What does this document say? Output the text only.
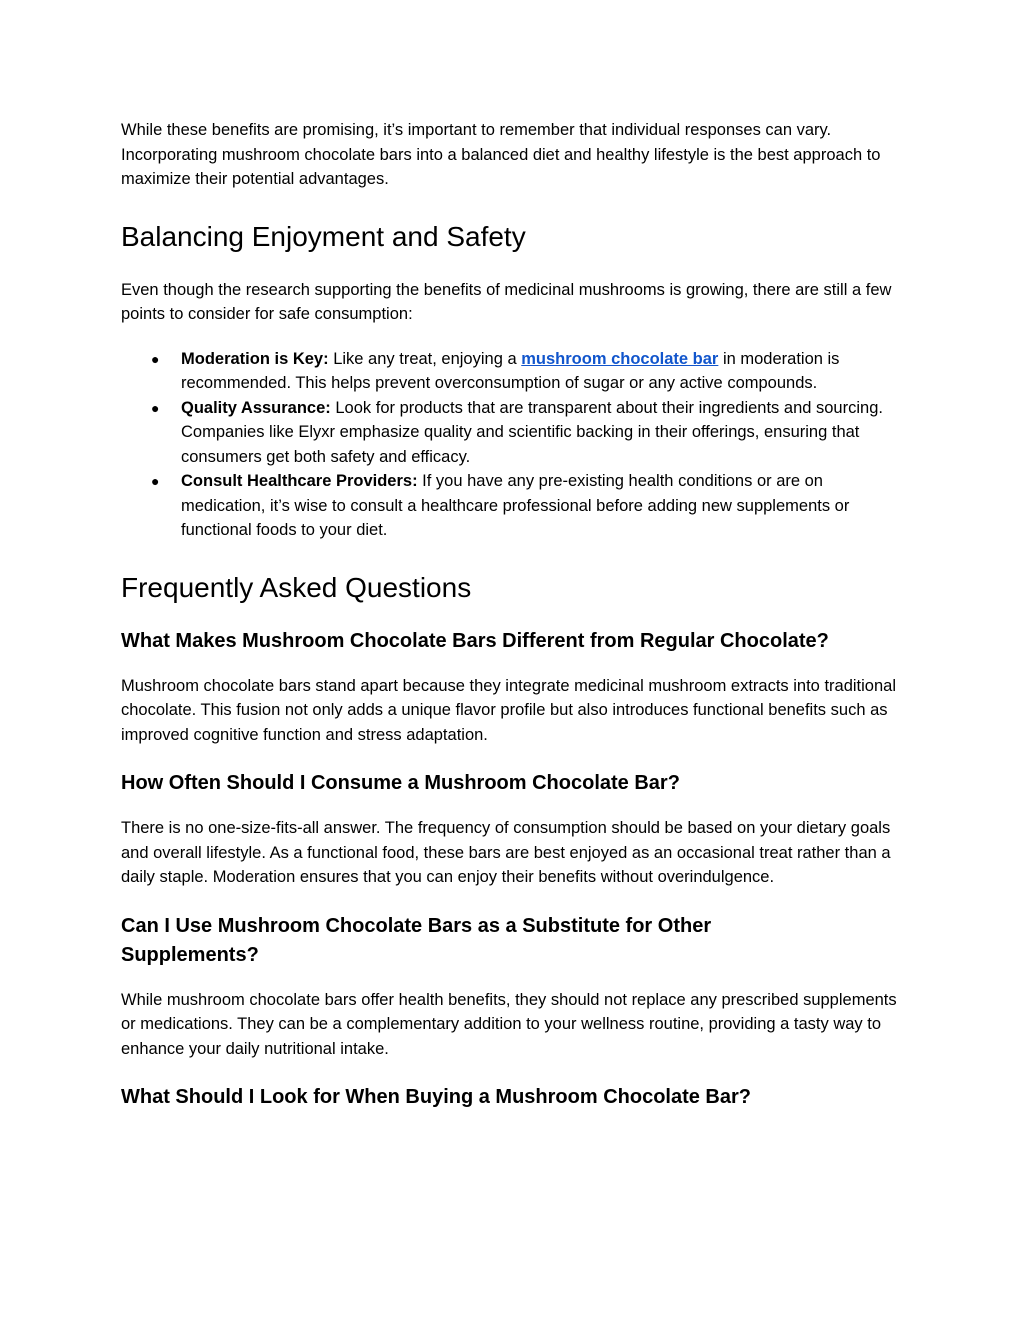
While these benefits are promising, it’s important to remember that individual responses can vary. Incorporating mushroom chocolate bars into a balanced diet and healthy lifestyle is the best approach to maximize their potential advantages.

Balancing Enjoyment and Safety

Even though the research supporting the benefits of medicinal mushrooms is growing, there are still a few points to consider for safe consumption:

● Moderation is Key: Like any treat, enjoying a mushroom chocolate bar in moderation is recommended. This helps prevent overconsumption of sugar or any active compounds.
● Quality Assurance: Look for products that are transparent about their ingredients and sourcing. Companies like Elyxr emphasize quality and scientific backing in their offerings, ensuring that consumers get both safety and efficacy.
● Consult Healthcare Providers: If you have any pre-existing health conditions or are on medication, it’s wise to consult a healthcare professional before adding new supplements or functional foods to your diet.
Frequently Asked Questions
What Makes Mushroom Chocolate Bars Different from Regular Chocolate?

Mushroom chocolate bars stand apart because they integrate medicinal mushroom extracts into traditional chocolate. This fusion not only adds a unique flavor profile but also introduces functional benefits such as improved cognitive function and stress adaptation.

How Often Should I Consume a Mushroom Chocolate Bar?

There is no one-size-fits-all answer. The frequency of consumption should be based on your dietary goals and overall lifestyle. As a functional food, these bars are best enjoyed as an occasional treat rather than a daily staple. Moderation ensures that you can enjoy their benefits without overindulgence.

Can I Use Mushroom Chocolate Bars as a Substitute for Other Supplements?

While mushroom chocolate bars offer health benefits, they should not replace any prescribed supplements or medications. They can be a complementary addition to your wellness routine, providing a tasty way to enhance your daily nutritional intake.

What Should I Look for When Buying a Mushroom Chocolate Bar?
